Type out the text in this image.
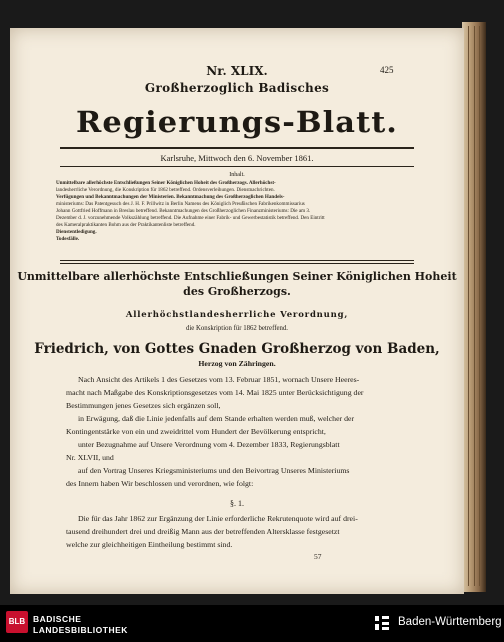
Nr. XLIX.	425
Großherzoglich Badisches
Regierungs-Blatt.
Karlsruhe, Mittwoch den 6. November 1861.
Inhalt.
Unmittelbare allerhöchste Entschließungen Seiner Königlichen Hoheit des Großherzogs. Allerhöchst-
landesherrliche Verordnung, die Konskription für 1862 betreffend. Ordensverleihungen. Dienstnachrichten.
Verfügungen und Bekanntmachungen der Ministerien. Bekanntmachung des Großherzoglichen Handels-
ministeriums: Das Patentgesuch des J. H. F. Prillwitz in Berlin Namens des Königlich Preußischen Fabrikenkommissarius
Johann Gottfried Hoffmann in Breslau betreffend. Bekanntmachungen des Großherzoglichen Finanzministeriums: Die am 3.
Dezember d. J. vorzunehmende Volkszählung betreffend. Die Aufnahme einer Fabrik- und Gewerbestatistik betreffend. Den Eintritt
des Kameralpraktikanten Bohm aus der Praktikantenliste betreffend.
Dienstentledigung.
Todesfälle.
Unmittelbare allerhöchste Entschließungen Seiner Königlichen Hoheit
des Großherzogs.
Allerhöchstlandesherrliche Verordnung,
die Konskription für 1862 betreffend.
Friedrich, von Gottes Gnaden Großherzog von Baden,
Herzog von Zähringen.
Nach Ansicht des Artikels 1 des Gesetzes vom 13. Februar 1851, wornach Unsere Heeres-
macht nach Maßgabe des Konskriptionsgesetzes vom 14. Mai 1825 unter Berücksichtigung der
Bestimmungen jenes Gesetzes sich ergänzen soll,
in Erwägung, daß die Linie jedenfalls auf dem Stande erhalten werden muß, welcher der
Kontingentstärke von ein und zweidrittel vom Hundert der Bevölkerung entspricht,
unter Bezugnahme auf Unsere Verordnung vom 4. Dezember 1833, Regierungsblatt
Nr. XLVII, und
auf den Vortrag Unseres Kriegsministeriums und den Beivortrag Unseres Ministeriums
des Innern haben Wir beschlossen und verordnen, wie folgt:
§. 1.
Die für das Jahr 1862 zur Ergänzung der Linie erforderliche Rekrutenquote wird auf drei-
tausend dreihundert drei und dreißig Mann aus der betreffenden Altersklasse festgesetzt
welche zur gleichheitigen Eintheilung bestimmt sind.
57
BLB BADISCHE
LANDESBIBLIOTHEK
Baden-Württemberg
